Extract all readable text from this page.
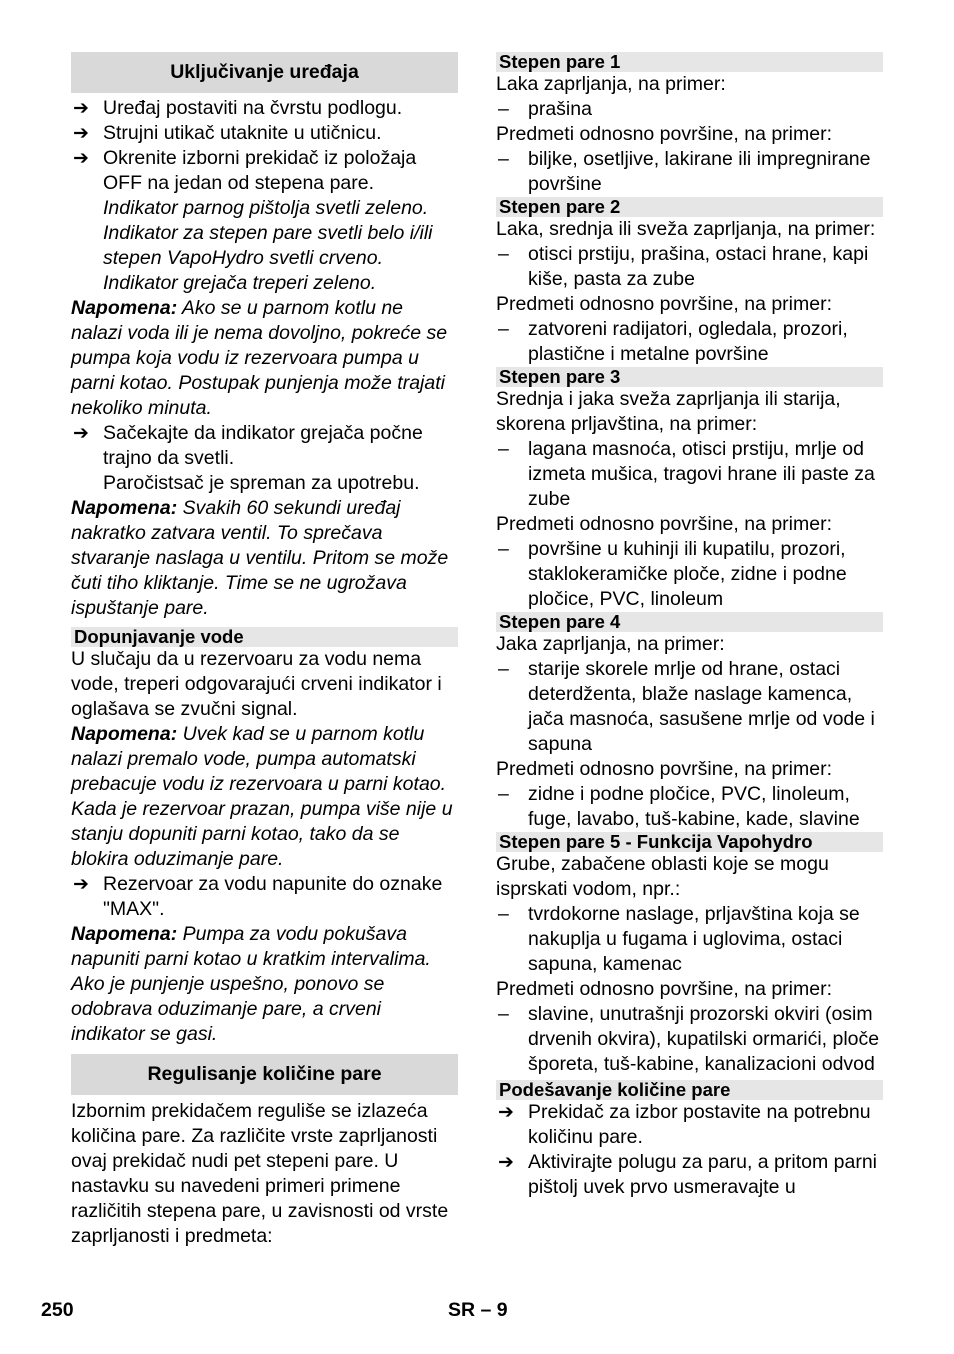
Uključivanje uređaja
➔ Uređaj postaviti na čvrstu podlogu.
➔ Strujni utikač utaknite u utičnicu.
➔ Okrenite izborni prekidač iz položaja OFF na jedan od stepena pare.

Indikator parnog pištolja svetli zeleno.

Indikator za stepen pare svetli belo i/ili stepen VapoHydro svetli crveno.

Indikator grejača treperi zeleno.

Napomena: Ako se u parnom kotlu ne nalazi voda ili je nema dovoljno, pokreće se pumpa koja vodu iz rezervoara pumpa u parni kotao. Postupak punjenja može trajati nekoliko minuta.

➔ Sačekajte da indikator grejača počne trajno da svetli.

Paročistsač je spreman za upotrebu.

Napomena: Svakih 60 sekundi uređaj nakratko zatvara ventil. To sprečava stvaranje naslaga u ventilu. Pritom se može čuti tiho kliktanje. Time se ne ugrožava ispuštanje pare.

Dopunjavanje vode

U slučaju da u rezervoaru za vodu nema vode, treperi odgovarajući crveni indikator i oglašava se zvučni signal.

Napomena: Uvek kad se u parnom kotlu nalazi premalo vode, pumpa automatski prebacuje vodu iz rezervoara u parni kotao. Kada je rezervoar prazan, pumpa više nije u stanju dopuniti parni kotao, tako da se blokira oduzimanje pare.

➔ Rezervoar za vodu napunite do oznake "MAX".

Napomena: Pumpa za vodu pokušava napuniti parni kotao u kratkim intervalima. Ako je punjenje uspešno, ponovo se odobrava oduzimanje pare, a crveni indikator se gasi.

Regulisanje količine pare

Izbornim prekidačem reguliše se izlazeća količina pare. Za različite vrste zaprljanosti ovaj prekidač nudi pet stepeni pare. U nastavku su navedeni primeri primene različitih stepena pare, u zavisnosti od vrste zaprljanosti i predmeta:

Stepen pare 1

Laka zaprljanja, na primer:

– prašina

Predmeti odnosno površine, na primer:

– biljke, osetljive, lakirane ili impregnirane površine
Stepen pare 2

Laka, srednja ili sveža zaprljanja, na primer:

– otisci prstiju, prašina, ostaci hrane, kapi kiše, pasta za zube

Predmeti odnosno površine, na primer:

– zatvoreni radijatori, ogledala, prozori, plastične i metalne površine
Stepen pare 3

Srednja i jaka sveža zaprljanja ili starija, skorena prljavština, na primer:

– lagana masnoća, otisci prstiju, mrlje od izmeta mušica, tragovi hrane ili paste za zube

Predmeti odnosno površine, na primer:

– površine u kuhinji ili kupatilu, prozori, staklokeramičke ploče, zidne i podne pločice, PVC, linoleum
Stepen pare 4

Jaka zaprljanja, na primer:

– starije skorele mrlje od hrane, ostaci deterdženta, blaže naslage kamenca, jača masnoća, sasušene mrlje od vode i sapuna

Predmeti odnosno površine, na primer:

– zidne i podne pločice, PVC, linoleum, fuge, lavabo, tuš-kabine, kade, slavine
Stepen pare 5 - Funkcija Vapohydro

Grube, zabačene oblasti koje se mogu isprskati vodom, npr.:

– tvrdokorne naslage, prljavština koja se nakuplja u fugama i uglovima, ostaci sapuna, kamenac

Predmeti odnosno površine, na primer:

– slavine, unutrašnji prozorski okviri (osim drvenih okvira), kupatilski ormarići, ploče šporeta, tuš-kabine, kanalizacioni odvod
Podešavanje količine pare
➔ Prekidač za izbor postavite na potrebnu količinu pare.
➔ Aktivirajte polugu za paru, a pritom parni pištolj uvek prvo usmeravajte u
250	SR – 9
